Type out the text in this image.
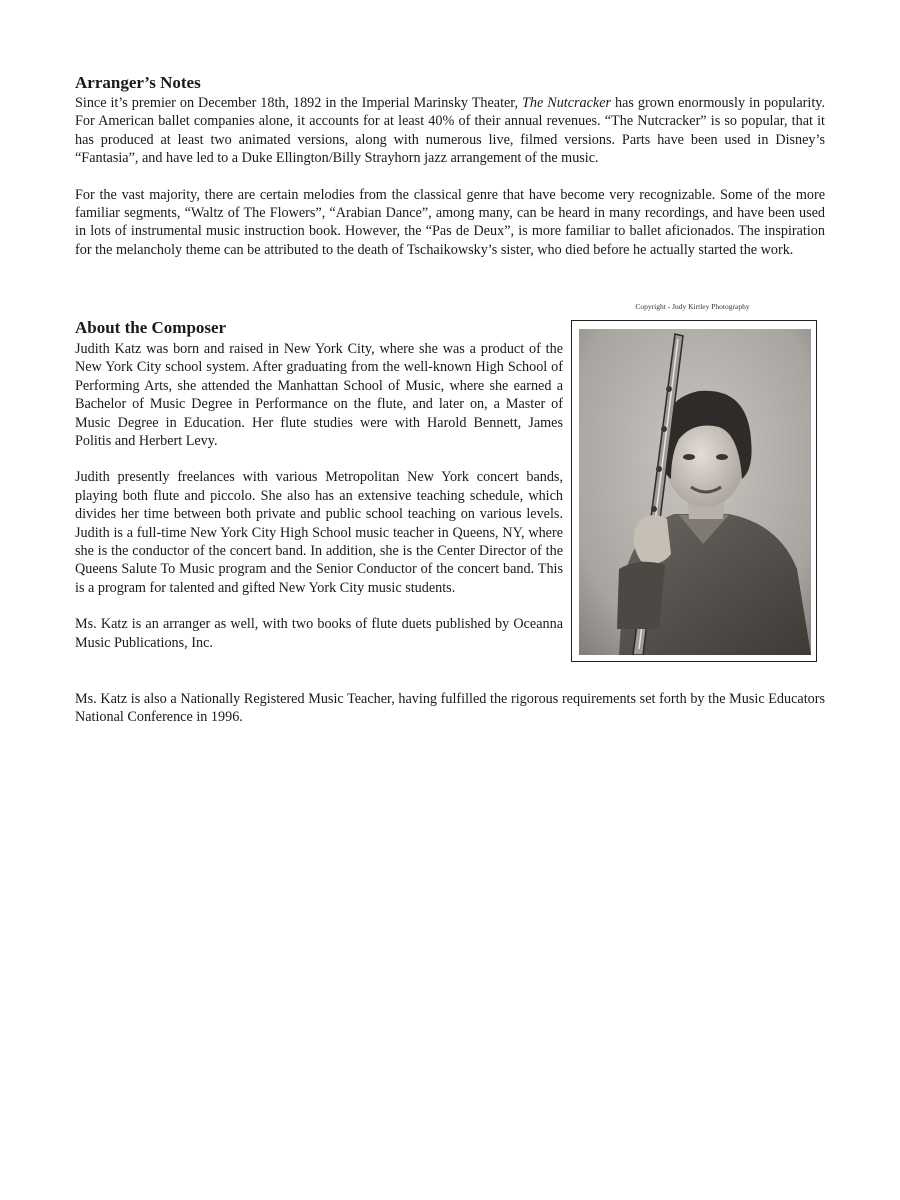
Arranger’s Notes

Since it’s premier on December 18th, 1892 in the Imperial Marinsky Theater, The Nutcracker has grown enormously in popularity. For American ballet companies alone, it accounts for at least 40% of their annual revenues. “The Nutcracker” is so popular, that it has produced at least two animated versions, along with numerous live, filmed versions. Parts have been used in Disney’s “Fantasia”, and have led to a Duke Ellington/Billy Strayhorn jazz arrangement of the music.

For the vast majority, there are certain melodies from the classical genre that have become very recognizable. Some of the more familiar segments, “Waltz of The Flowers”, “Arabian Dance”, among many, can be heard in many recordings, and have been used in lots of instrumental music instruction book. However, the “Pas de Deux”, is more familiar to ballet aficionados. The inspiration for the melancholy theme can be attributed to the death of Tschaikowsky’s sister, who died before he actually started the work.

Copyright - Judy Kirtley Photography
About the Composer

Judith Katz was born and raised in New York City, where she was a product of the New York City school system. After graduating from the well-known High School of Performing Arts, she attended the Manhattan School of Music, where she earned a Bachelor of Music Degree in Performance on the flute, and later on, a Master of Music Degree in Education. Her flute studies were with Harold Bennett, James Politis and Herbert Levy.

Judith presently freelances with various Metropolitan New York concert bands, playing both flute and piccolo. She also has an extensive teaching schedule, which divides her time between both private and public school teaching on various levels. Judith is a full-time New York City High School music teacher in Queens, NY, where she is the conductor of the concert band. In addition, she is the Center Director of the Queens Salute To Music program and the Senior Conductor of the concert band. This is a program for talented and gifted New York City music students.

Ms. Katz is an arranger as well, with two books of flute duets published by Oceanna Music Publications, Inc.

Ms. Katz is also a Nationally Registered Music Teacher, having fulfilled the rigorous requirements set forth by the Music Educators National Conference in 1996.
